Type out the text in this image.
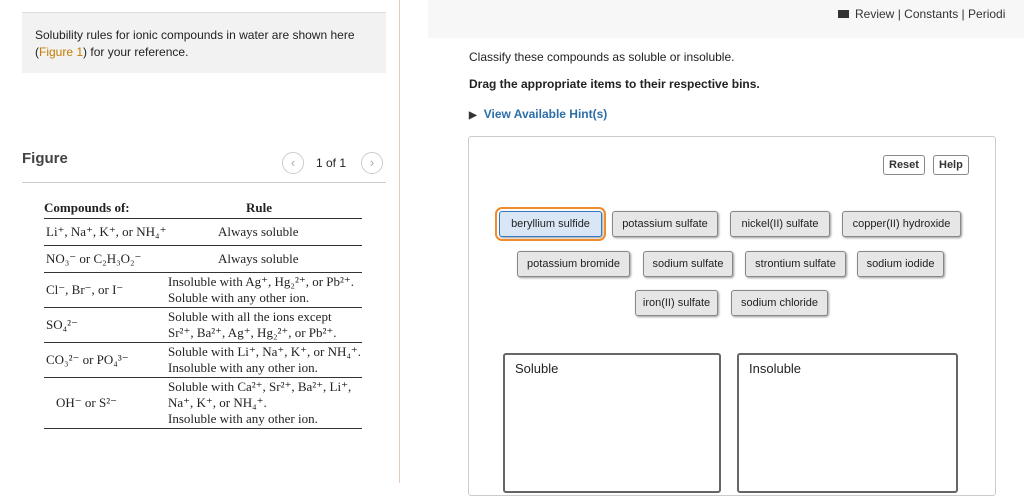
Solubility rules for ionic compounds in water are shown here (Figure 1) for your reference.
Figure	‹	1 of 1	›
Compounds of:	Rule
Li⁺, Na⁺, K⁺, or NH₄⁺	Always soluble
NO₃⁻ or C₂H₃O₂⁻	Always soluble
Cl⁻, Br⁻, or I⁻	Insoluble with Ag⁺, Hg₂²⁺, or Pb²⁺.
Soluble with any other ion.

SO₄²⁻	Soluble with all the ions except
Sr²⁺, Ba²⁺, Ag⁺, Hg₂²⁺, or Pb²⁺.

CO₃²⁻ or PO₄³⁻	Soluble with Li⁺, Na⁺, K⁺, or NH₄⁺.
Insoluble with any other ion.

OH⁻ or S²⁻	Soluble with Ca²⁺, Sr²⁺, Ba²⁺, Li⁺,
Na⁺, K⁺, or NH₄⁺.
Insoluble with any other ion.
Review | Constants | Periodi
Classify these compounds as soluble or insoluble.
Drag the appropriate items to their respective bins.
▶ View Available Hint(s)
Reset	Help
beryllium sulfide	potassium sulfate	nickel(II) sulfate	copper(II) hydroxide
potassium bromide	sodium sulfate	strontium sulfate	sodium iodide
iron(II) sulfate	sodium chloride
Soluble	Insoluble
